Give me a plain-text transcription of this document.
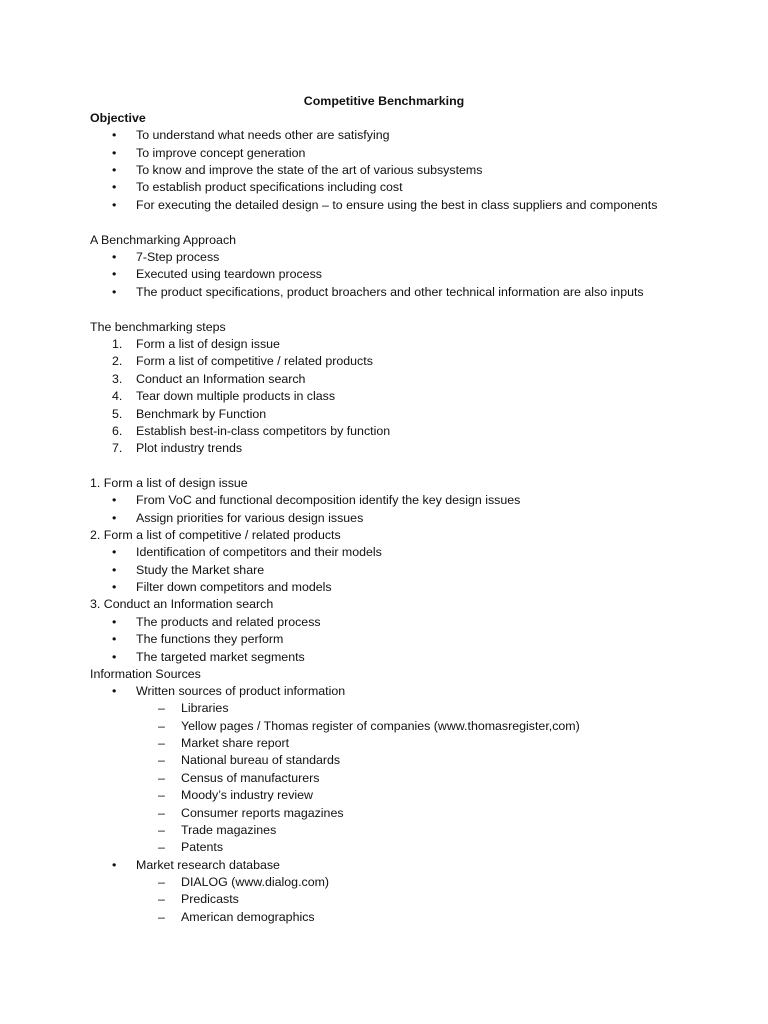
Competitive Benchmarking
Objective
• To understand what needs other are satisfying
• To improve concept generation
• To know and improve the state of the art of various subsystems
• To establish product specifications including cost
• For executing the detailed design – to ensure using the best in class suppliers and components
A Benchmarking Approach
• 7-Step process
• Executed using teardown process
• The product specifications, product broachers and other technical information are also inputs
The benchmarking steps
1. Form a list of design issue
2. Form a list of competitive / related products
3. Conduct an Information search
4. Tear down multiple products in class
5. Benchmark by Function
6. Establish best-in-class competitors by function
7. Plot industry trends
1. Form a list of design issue
• From VoC and functional decomposition identify the key design issues
• Assign priorities for various design issues
2. Form a list of competitive / related products
• Identification of competitors and their models
• Study the Market share
• Filter down competitors and models
3. Conduct an Information search
• The products and related process
• The functions they perform
• The targeted market segments
Information Sources
• Written sources of product information
– Libraries
– Yellow pages / Thomas register of companies (www.thomasregister,com)
– Market share report
– National bureau of standards
– Census of manufacturers
– Moody’s industry review
– Consumer reports magazines
– Trade magazines
– Patents
• Market research database
– DIALOG (www.dialog.com)
– Predicasts
– American demographics
